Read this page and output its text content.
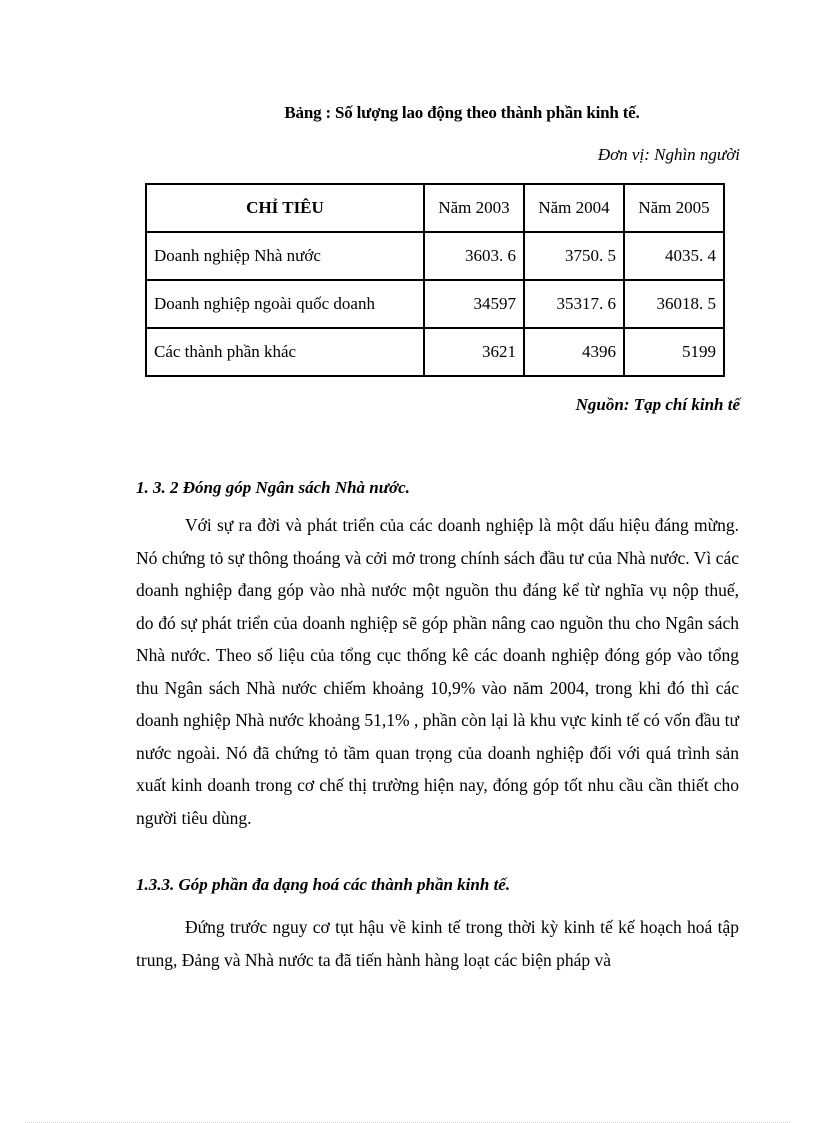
Bảng : Số lượng lao động theo thành phần kinh tế.
Đơn vị: Nghìn người
CHỈ TIÊU	Năm 2003	Năm 2004	Năm 2005
Doanh nghiệp Nhà nước	3603. 6	3750. 5	4035. 4
Doanh nghiệp ngoài quốc doanh	34597	35317. 6	36018. 5
Các thành phần khác	3621	4396	5199
Nguồn: Tạp chí kinh tế
1. 3. 2 Đóng góp Ngân sách Nhà nước.

Với sự ra đời và phát triển của các doanh nghiệp là một dấu hiệu đáng mừng. Nó chứng tỏ sự thông thoáng và cởi mở trong chính sách đầu tư của Nhà nước. Vì các doanh nghiệp đang góp vào nhà nước một nguồn thu đáng kể từ nghĩa vụ nộp thuế, do đó sự phát triển của doanh nghiệp sẽ góp phần nâng cao nguồn thu cho Ngân sách Nhà nước. Theo số liệu của tổng cục thống kê các doanh nghiệp đóng góp vào tổng thu Ngân sách Nhà nước chiếm khoảng 10,9% vào năm 2004, trong khi đó thì các doanh nghiệp Nhà nước khoảng 51,1% , phần còn lại là khu vực kinh tế có vốn đầu tư nước ngoài. Nó đã chứng tỏ tầm quan trọng của doanh nghiệp đối với quá trình sản xuất kinh doanh trong cơ chế thị trường hiện nay, đóng góp tốt nhu cầu cần thiết cho người tiêu dùng.

1.3.3. Góp phần đa dạng hoá các thành phần kinh tế.

Đứng trước nguy cơ tụt hậu về kinh tế trong thời kỳ kinh tế kế hoạch hoá tập trung, Đảng và Nhà nước ta đã tiến hành hàng loạt các biện pháp và
